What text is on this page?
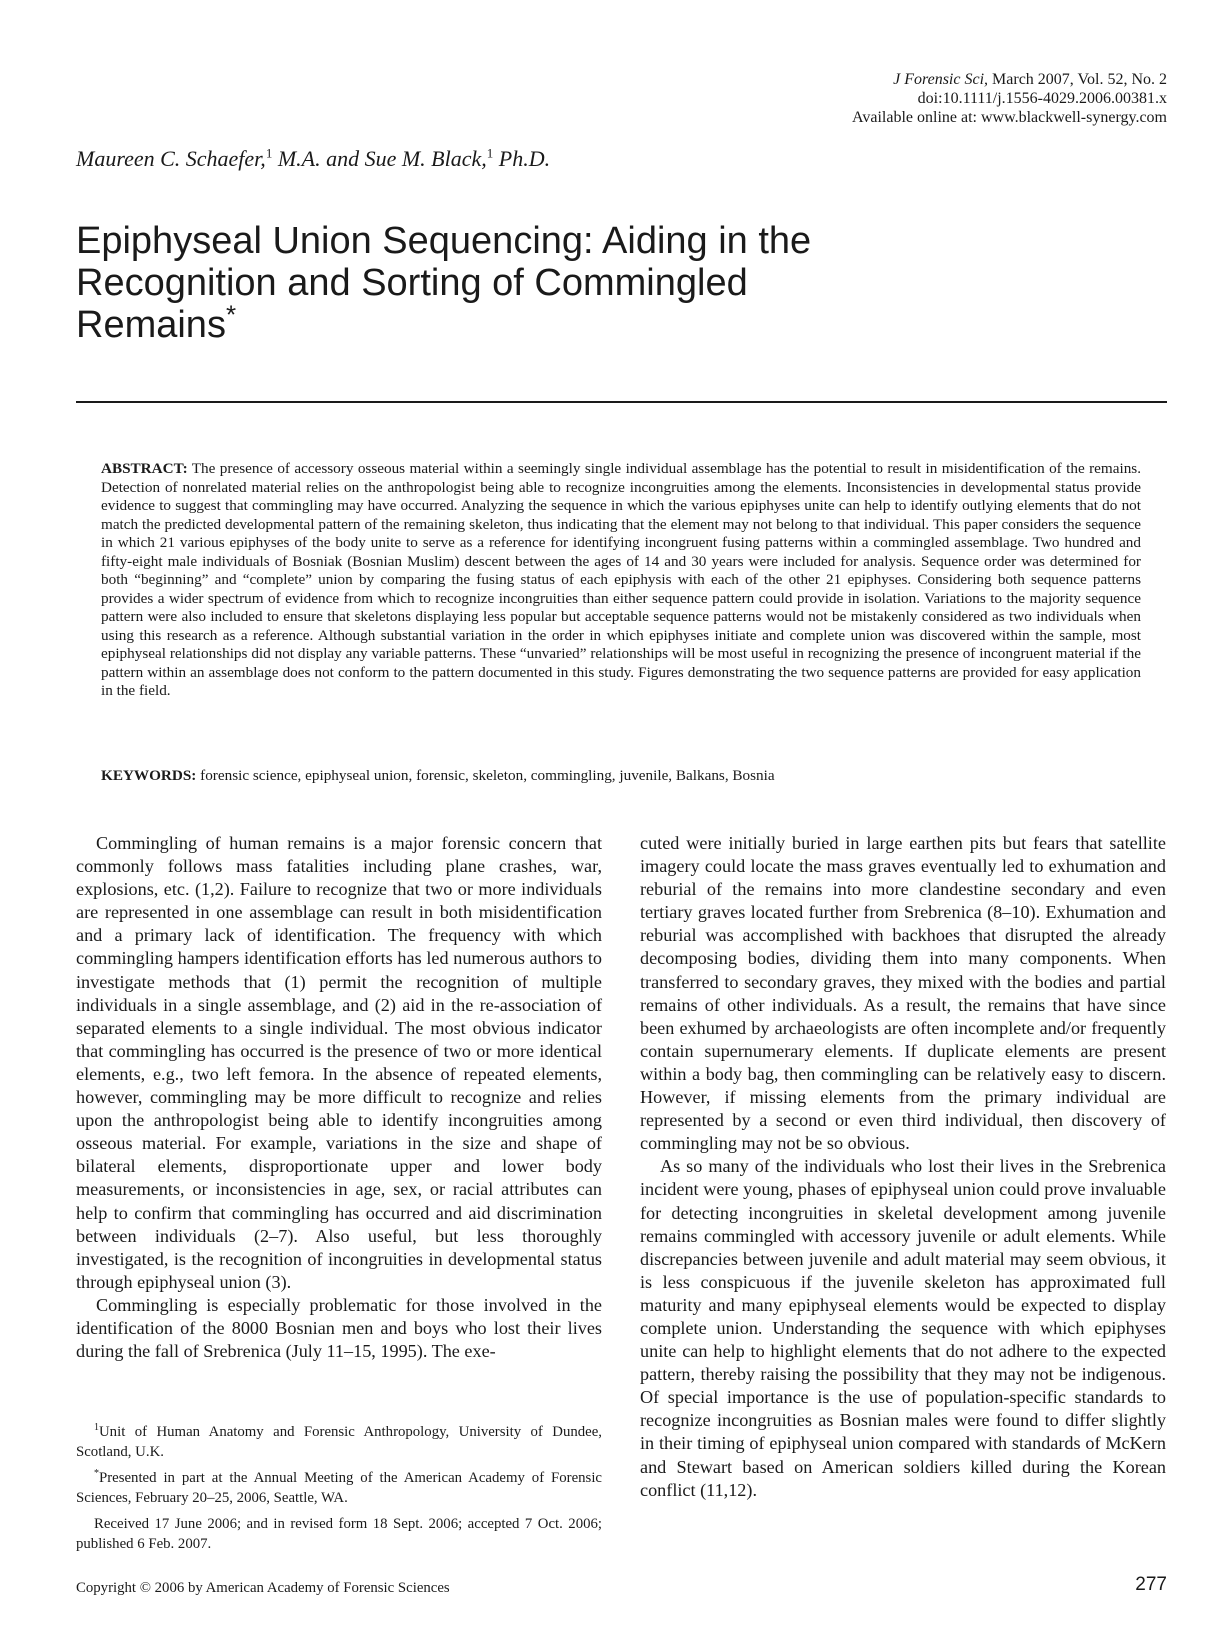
J Forensic Sci, March 2007, Vol. 52, No. 2
doi:10.1111/j.1556-4029.2006.00381.x
Available online at: www.blackwell-synergy.com
Maureen C. Schaefer,$^1$ M.A. and Sue M. Black,$^1$ Ph.D.
Epiphyseal Union Sequencing: Aiding in the Recognition and Sorting of Commingled Remains*

ABSTRACT: The presence of accessory osseous material within a seemingly single individual assemblage has the potential to result in misidentification of the remains. Detection of nonrelated material relies on the anthropologist being able to recognize incongruities among the elements. Inconsistencies in developmental status provide evidence to suggest that commingling may have occurred. Analyzing the sequence in which the various epiphyses unite can help to identify outlying elements that do not match the predicted developmental pattern of the remaining skeleton, thus indicating that the element may not belong to that individual. This paper considers the sequence in which 21 various epiphyses of the body unite to serve as a reference for identifying incongruent fusing patterns within a commingled assemblage. Two hundred and fifty-eight male individuals of Bosniak (Bosnian Muslim) descent between the ages of 14 and 30 years were included for analysis. Sequence order was determined for both “beginning” and “complete” union by comparing the fusing status of each epiphysis with each of the other 21 epiphyses. Considering both sequence patterns provides a wider spectrum of evidence from which to recognize incongruities than either sequence pattern could provide in isolation. Variations to the majority sequence pattern were also included to ensure that skeletons displaying less popular but acceptable sequence patterns would not be mistakenly considered as two individuals when using this research as a reference. Although substantial variation in the order in which epiphyses initiate and complete union was discovered within the sample, most epiphyseal relationships did not display any variable patterns. These “unvaried” relationships will be most useful in recognizing the presence of incongruent material if the pattern within an assemblage does not conform to the pattern documented in this study. Figures demonstrating the two sequence patterns are provided for easy application in the field.

KEYWORDS: forensic science, epiphyseal union, forensic, skeleton, commingling, juvenile, Balkans, Bosnia

Commingling of human remains is a major forensic concern that commonly follows mass fatalities including plane crashes, war, explosions, etc. (1,2). Failure to recognize that two or more individuals are represented in one assemblage can result in both misidentification and a primary lack of identification. The frequency with which commingling hampers identification efforts has led numerous authors to investigate methods that (1) permit the recognition of multiple individuals in a single assemblage, and (2) aid in the re-association of separated elements to a single individual. The most obvious indicator that commingling has occurred is the presence of two or more identical elements, e.g., two left femora. In the absence of repeated elements, however, commingling may be more difficult to recognize and relies upon the anthropologist being able to identify incongruities among osseous material. For example, variations in the size and shape of bilateral elements, disproportionate upper and lower body measurements, or inconsistencies in age, sex, or racial attributes can help to confirm that commingling has occurred and aid discrimination between individuals (2–7). Also useful, but less thoroughly investigated, is the recognition of incongruities in developmental status through epiphyseal union (3).

Commingling is especially problematic for those involved in the identification of the 8000 Bosnian men and boys who lost their lives during the fall of Srebrenica (July 11–15, 1995). The exe-

cuted were initially buried in large earthen pits but fears that satellite imagery could locate the mass graves eventually led to exhumation and reburial of the remains into more clandestine secondary and even tertiary graves located further from Srebrenica (8–10). Exhumation and reburial was accomplished with backhoes that disrupted the already decomposing bodies, dividing them into many components. When transferred to secondary graves, they mixed with the bodies and partial remains of other individuals. As a result, the remains that have since been exhumed by archaeologists are often incomplete and/or frequently contain supernumerary elements. If duplicate elements are present within a body bag, then commingling can be relatively easy to discern. However, if missing elements from the primary individual are represented by a second or even third individual, then discovery of commingling may not be so obvious.

As so many of the individuals who lost their lives in the Srebrenica incident were young, phases of epiphyseal union could prove invaluable for detecting incongruities in skeletal development among juvenile remains commingled with accessory juvenile or adult elements. While discrepancies between juvenile and adult material may seem obvious, it is less conspicuous if the juvenile skeleton has approximated full maturity and many epiphyseal elements would be expected to display complete union. Understanding the sequence with which epiphyses unite can help to highlight elements that do not adhere to the expected pattern, thereby raising the possibility that they may not be indigenous. Of special importance is the use of population-specific standards to recognize incongruities as Bosnian males were found to differ slightly in their timing of epiphyseal union compared with standards of McKern and Stewart based on American soldiers killed during the Korean conflict (11,12).

$^1$Unit of Human Anatomy and Forensic Anthropology, University of Dundee, Scotland, U.K.

*Presented in part at the Annual Meeting of the American Academy of Forensic Sciences, February 20–25, 2006, Seattle, WA.

Received 17 June 2006; and in revised form 18 Sept. 2006; accepted 7 Oct. 2006; published 6 Feb. 2007.

Copyright © 2006 by American Academy of Forensic Sciences	277
